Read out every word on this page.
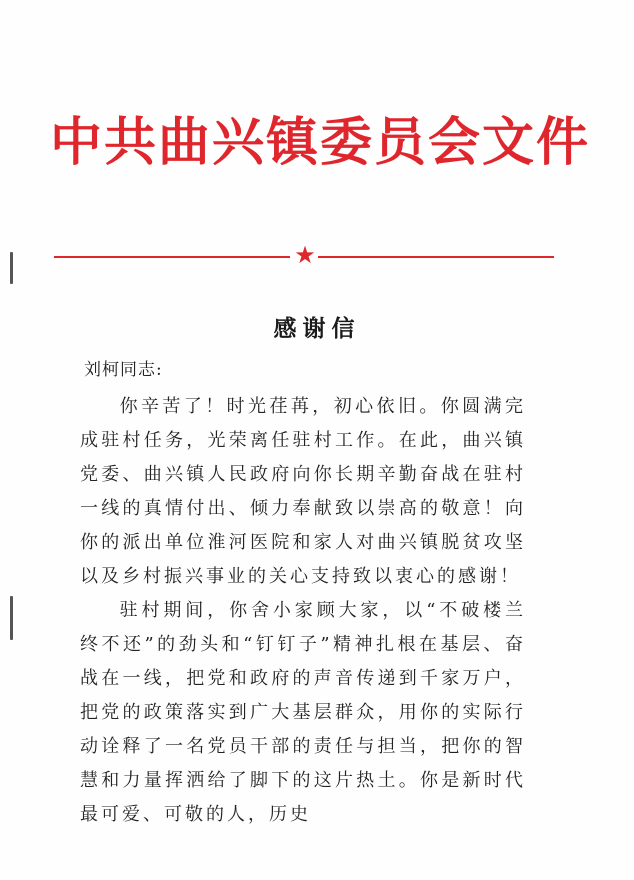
中共曲兴镇委员会文件
★
感谢信
刘柯同志:

你辛苦了！时光荏苒，初心依旧。你圆满完成驻村任务，光荣离任驻村工作。在此，曲兴镇党委、曲兴镇人民政府向你长期辛勤奋战在驻村一线的真情付出、倾力奉献致以崇高的敬意！向你的派出单位淮河医院和家人对曲兴镇脱贫攻坚以及乡村振兴事业的关心支持致以衷心的感谢！

驻村期间，你舍小家顾大家，以“不破楼兰终不还”的劲头和“钉钉子”精神扎根在基层、奋战在一线，把党和政府的声音传递到千家万户，把党的政策落实到广大基层群众，用你的实际行动诠释了一名党员干部的责任与担当，把你的智慧和力量挥洒给了脚下的这片热土。你是新时代最可爱、可敬的人，历史
